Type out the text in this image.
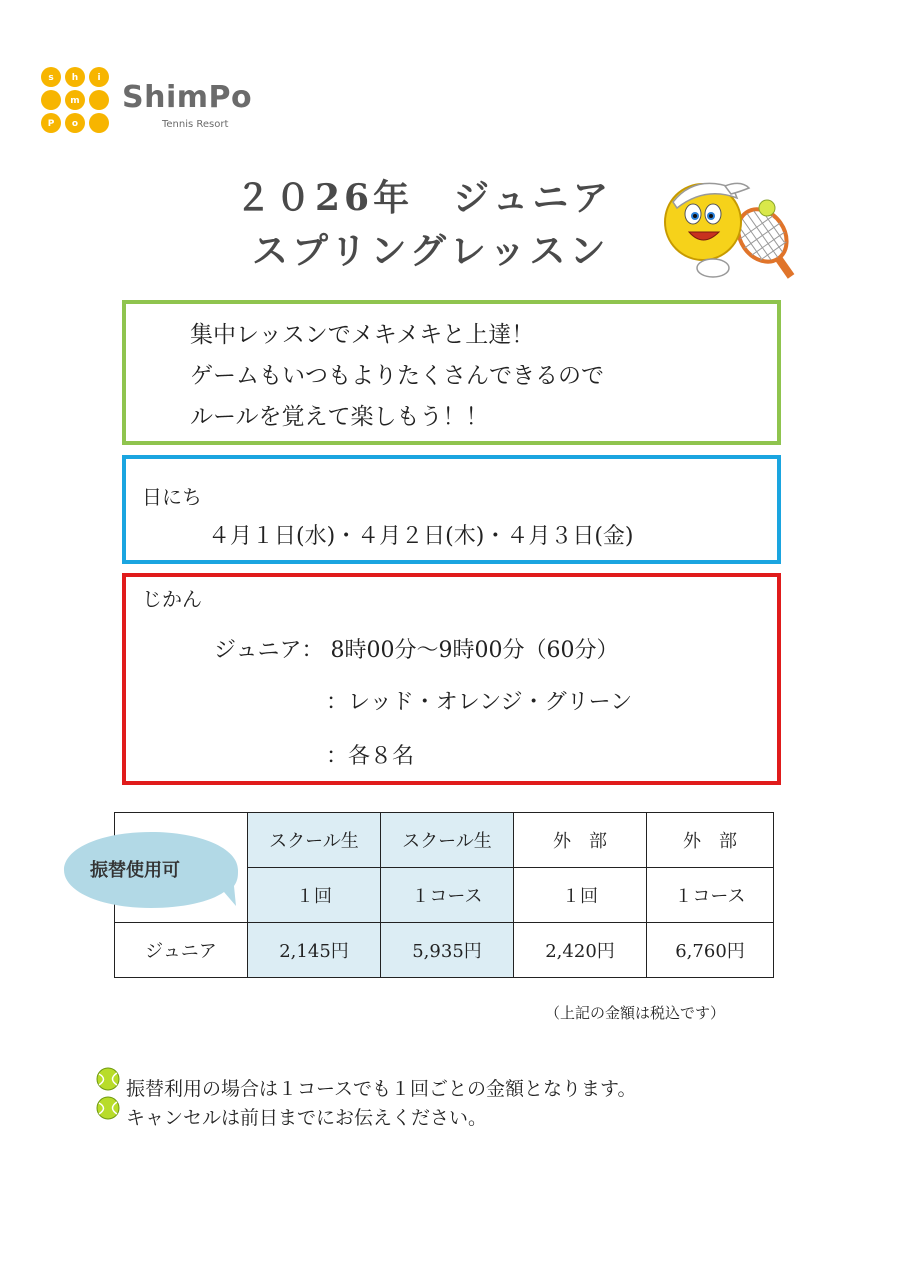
s h i
m
P o
ShimPo
Tennis Resort
２０26年　ジュニア
スプリングレッスン
集中レッスンでメキメキと上達！
ゲームもいつもよりたくさんできるので
ルールを覚えて楽しもう！！
日にち
４月１日(水)・４月２日(木)・４月３日(金)
じかん
ジュニア： 8時00分～9時00分（60分）
：レッド・オレンジ・グリーン
：各８名
	スクール生	スクール生	外　部	外　部
	１回	１コース	１回	１コース
ジュニア	2,145円	5,935円	2,420円	6,760円
振替使用可
（上記の金額は税込です）
振替利用の場合は１コースでも１回ごとの金額となります。
キャンセルは前日までにお伝えください。
